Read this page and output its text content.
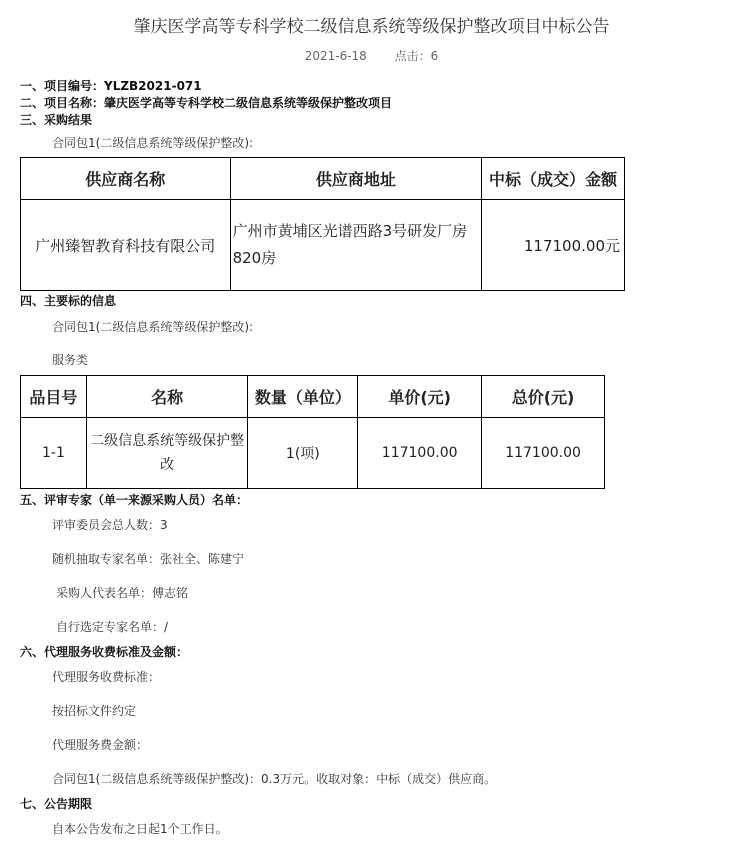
肇庆医学高等专科学校二级信息系统等级保护整改项目中标公告
2021-6-18 点击：6
一、项目编号：YLZB2021-071
二、项目名称：肇庆医学高等专科学校二级信息系统等级保护整改项目
三、采购结果
合同包1(二级信息系统等级保护整改):
供应商名称	供应商地址	中标（成交）金额
广州臻智教育科技有限公司	广州市黄埔区光谱西路3号研发厂房820房	117100.00元
四、主要标的信息
合同包1(二级信息系统等级保护整改):
服务类
品目号	名称	数量（单位）	单价(元)	总价(元)
1-1	二级信息系统等级保护整改	1(项)	117100.00	117100.00
五、评审专家（单一来源采购人员）名单：
评审委员会总人数：3
随机抽取专家名单：张社全、陈建宁
采购人代表名单：傅志铭
自行选定专家名单：/
六、代理服务收费标准及金额：
代理服务收费标准：
按招标文件约定
代理服务费金额：
合同包1(二级信息系统等级保护整改)：0.3万元。收取对象：中标（成交）供应商。
七、公告期限
自本公告发布之日起1个工作日。
